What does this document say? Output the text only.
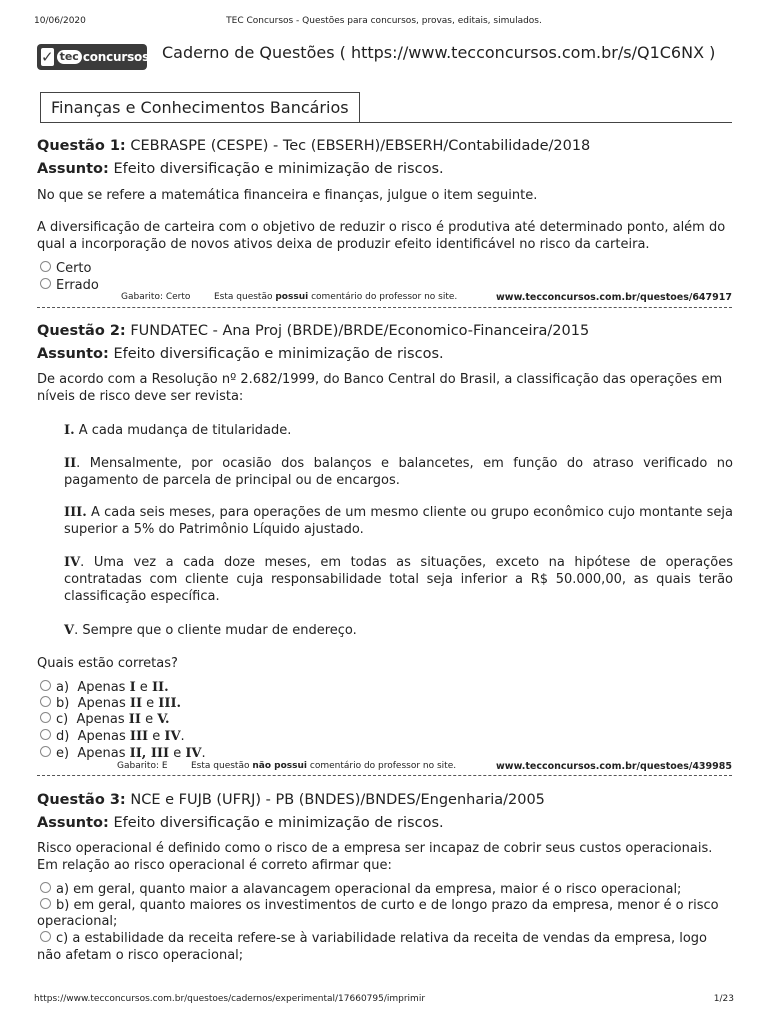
10/06/2020	TEC Concursos - Questões para concursos, provas, editais, simulados.
✓ tec concursos Caderno de Questões ( https://www.tecconcursos.com.br/s/Q1C6NX )
Finanças e Conhecimentos Bancários
Questão 1: CEBRASPE (CESPE) - Tec (EBSERH)/EBSERH/Contabilidade/2018
Assunto: Efeito diversificação e minimização de riscos.
No que se refere a matemática financeira e finanças, julgue o item seguinte.
A diversificação de carteira com o objetivo de reduzir o risco é produtiva até determinado ponto, além do qual a incorporação de novos ativos deixa de produzir efeito identificável no risco da carteira.
Certo
Errado
Gabarito: Certo	Esta questão possui comentário do professor no site.	www.tecconcursos.com.br/questoes/647917
Questão 2: FUNDATEC - Ana Proj (BRDE)/BRDE/Economico-Financeira/2015
Assunto: Efeito diversificação e minimização de riscos.
De acordo com a Resolução nº 2.682/1999, do Banco Central do Brasil, a classificação das operações em níveis de risco deve ser revista:
I. A cada mudança de titularidade.
II. Mensalmente, por ocasião dos balanços e balancetes, em função do atraso verificado no pagamento de parcela de principal ou de encargos.
III. A cada seis meses, para operações de um mesmo cliente ou grupo econômico cujo montante seja superior a 5% do Patrimônio Líquido ajustado.
IV. Uma vez a cada doze meses, em todas as situações, exceto na hipótese de operações contratadas com cliente cuja responsabilidade total seja inferior a R$ 50.000,00, as quais terão classificação específica.
V. Sempre que o cliente mudar de endereço.
Quais estão corretas?
a) Apenas I e II.
b) Apenas II e III.
c) Apenas II e V.
d) Apenas III e IV.
e) Apenas II, III e IV.
Gabarito: E	Esta questão não possui comentário do professor no site.	www.tecconcursos.com.br/questoes/439985
Questão 3: NCE e FUJB (UFRJ) - PB (BNDES)/BNDES/Engenharia/2005
Assunto: Efeito diversificação e minimização de riscos.
Risco operacional é definido como o risco de a empresa ser incapaz de cobrir seus custos operacionais. Em relação ao risco operacional é correto afirmar que:
a) em geral, quanto maior a alavancagem operacional da empresa, maior é o risco operacional;
b) em geral, quanto maiores os investimentos de curto e de longo prazo da empresa, menor é o risco
operacional;
c) a estabilidade da receita refere-se à variabilidade relativa da receita de vendas da empresa, logo
não afetam o risco operacional;
https://www.tecconcursos.com.br/questoes/cadernos/experimental/17660795/imprimir	1/23
